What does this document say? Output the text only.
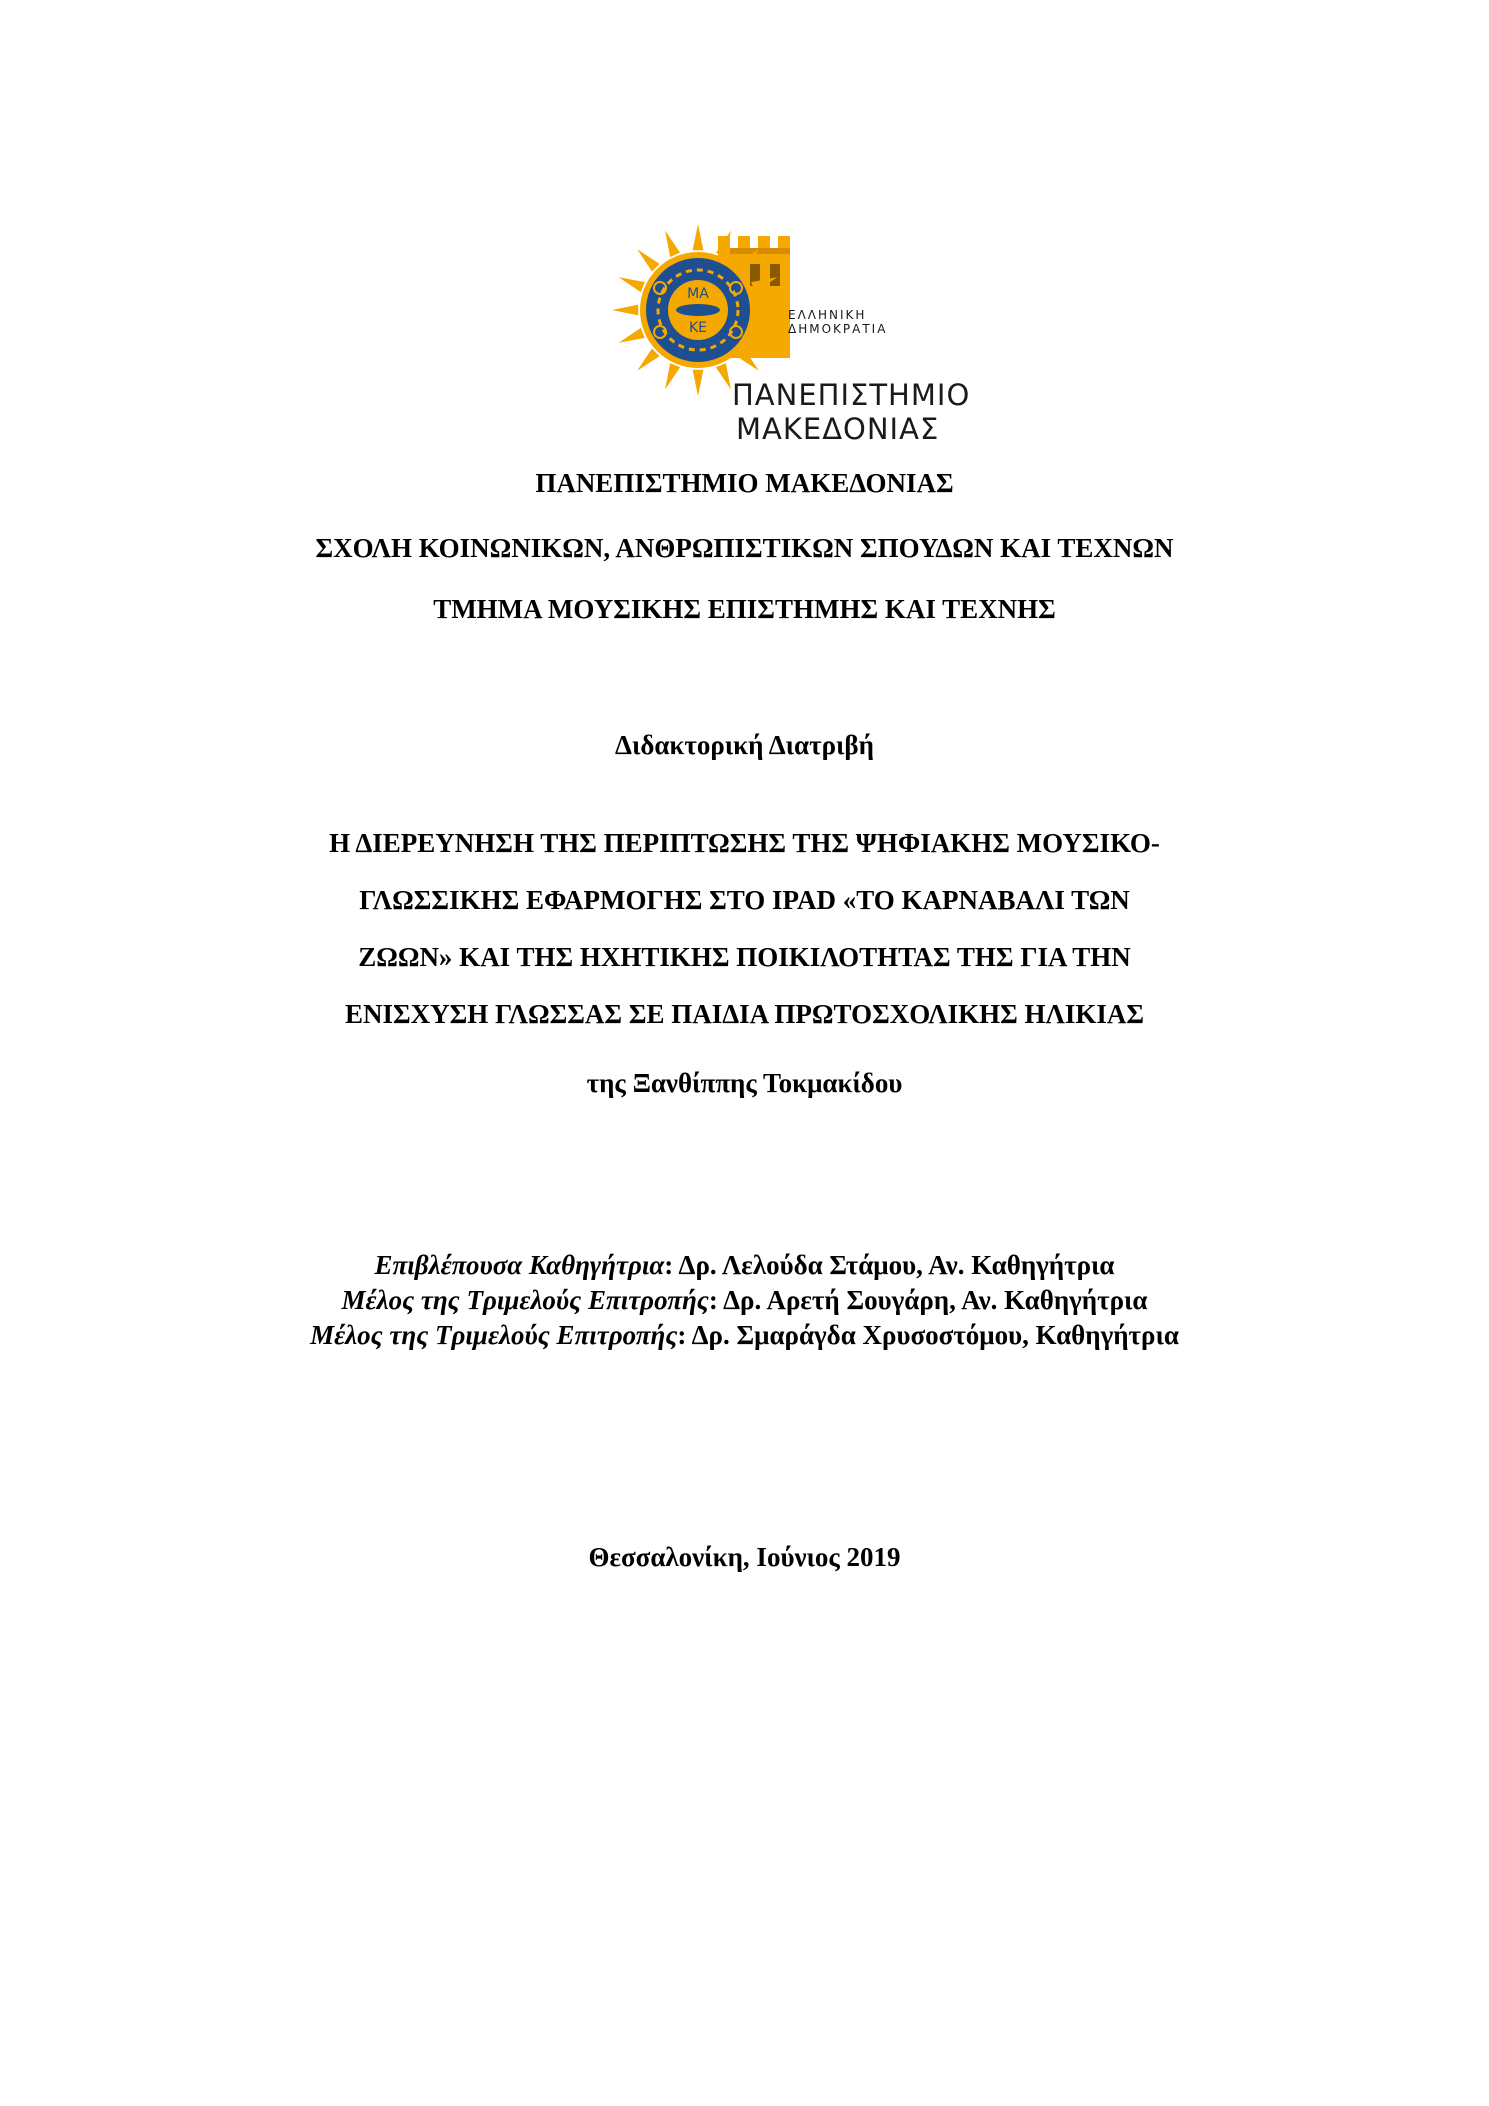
ΜΑ
ΚΕ
ΕΛΛΗΝΙΚΗ
ΔΗΜΟΚΡΑΤΙΑ
ΠΑΝΕΠΙΣΤΗΜΙΟ
ΜΑΚΕΔΟΝΙΑΣ
ΠΑΝΕΠΙΣΤΗΜΙΟ ΜΑΚΕΔΟΝΙΑΣ
ΣΧΟΛΗ ΚΟΙΝΩΝΙΚΩΝ, ΑΝΘΡΩΠΙΣΤΙΚΩΝ ΣΠΟΥΔΩΝ ΚΑΙ ΤΕΧΝΩΝ
ΤΜΗΜΑ ΜΟΥΣΙΚΗΣ ΕΠΙΣΤΗΜΗΣ ΚΑΙ ΤΕΧΝΗΣ
Διδακτορική Διατριβή
Η ΔΙΕΡΕΥΝΗΣΗ ΤΗΣ ΠΕΡΙΠΤΩΣΗΣ ΤΗΣ ΨΗΦΙΑΚΗΣ ΜΟΥΣΙΚΟ-
ΓΛΩΣΣΙΚΗΣ ΕΦΑΡΜΟΓΗΣ ΣΤΟ IPAD «ΤΟ ΚΑΡΝΑΒΑΛΙ ΤΩΝ
ΖΩΩΝ» ΚΑΙ ΤΗΣ ΗΧΗΤΙΚΗΣ ΠΟΙΚΙΛΟΤΗΤΑΣ ΤΗΣ ΓΙΑ ΤΗΝ
ΕΝΙΣΧΥΣΗ ΓΛΩΣΣΑΣ ΣΕ ΠΑΙΔΙΑ ΠΡΩΤΟΣΧΟΛΙΚΗΣ ΗΛΙΚΙΑΣ
της Ξανθίππης Τοκμακίδου
Επιβλέπουσα Καθηγήτρια: Δρ. Λελούδα Στάμου, Αν. Καθηγήτρια
Μέλος της Τριμελούς Επιτροπής: Δρ. Αρετή Σουγάρη, Αν. Καθηγήτρια
Μέλος της Τριμελούς Επιτροπής: Δρ. Σμαράγδα Χρυσοστόμου, Καθηγήτρια
Θεσσαλονίκη, Ιούνιος 2019
